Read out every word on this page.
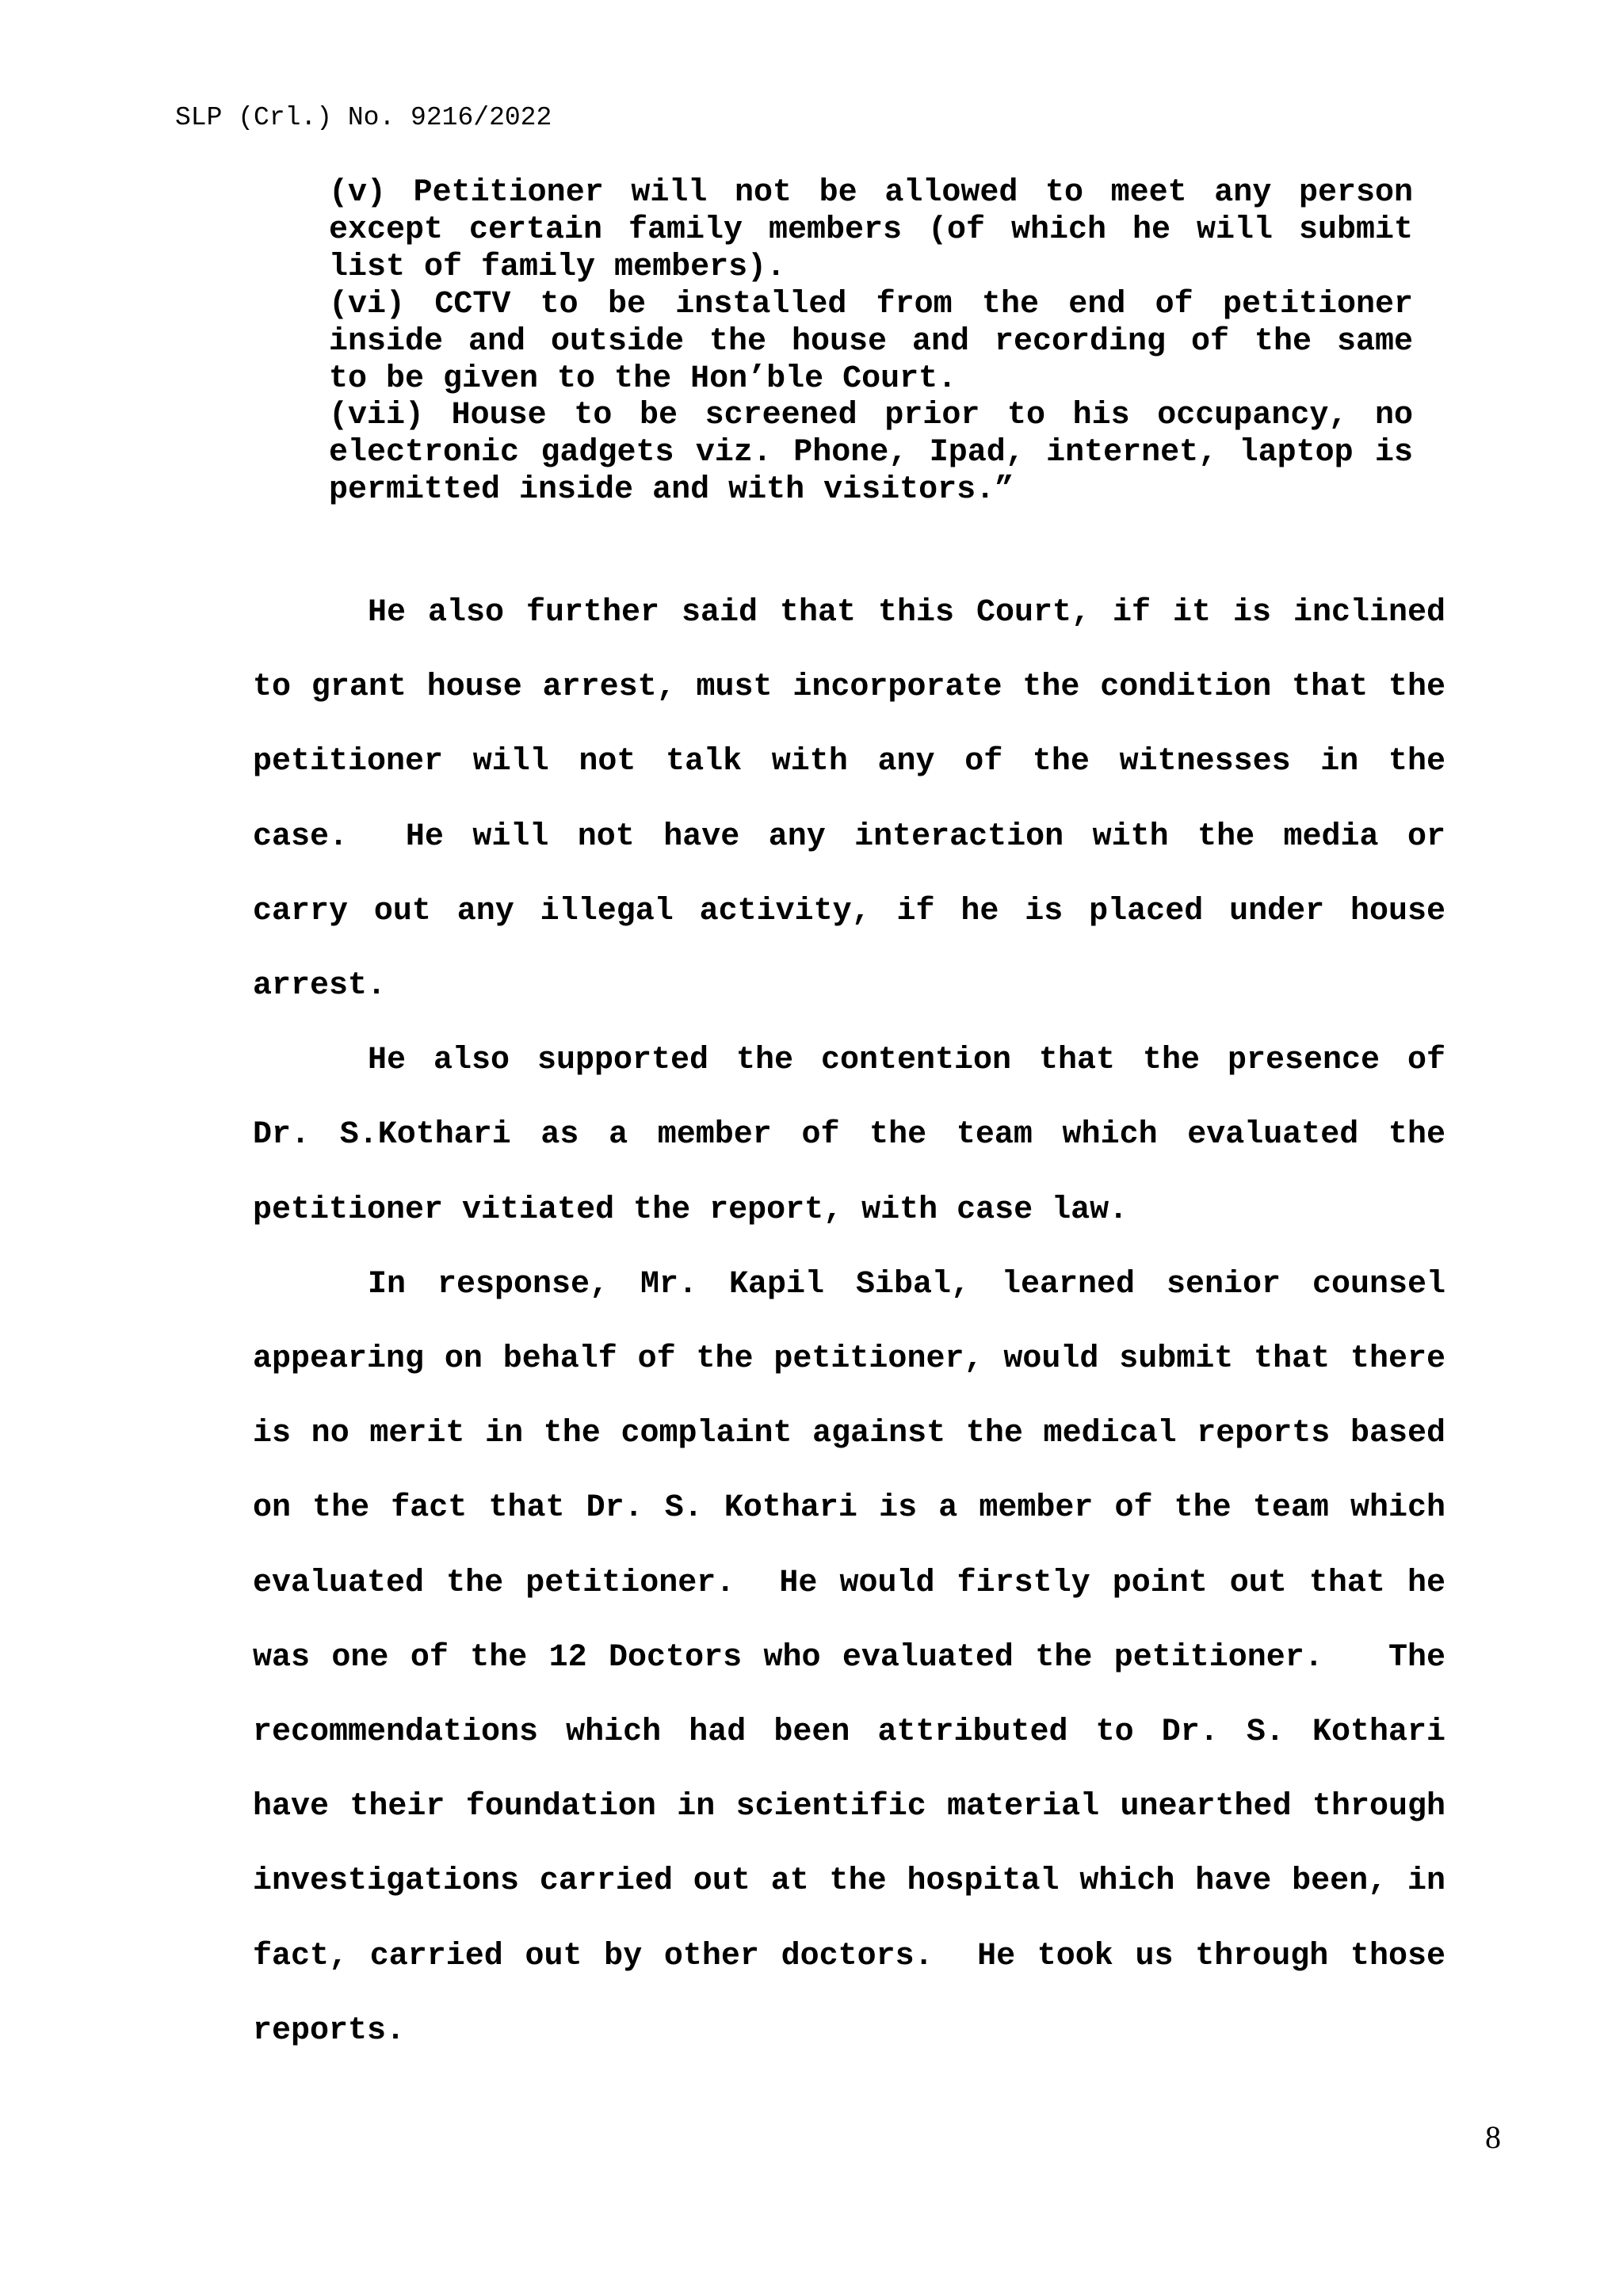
SLP (Crl.) No. 9216/2022

(v) Petitioner will not be allowed to meet any person except certain family members (of which he will submit list of family members).

(vi) CCTV to be installed from the end of petitioner inside and outside the house and recording of the same to be given to the Hon’ble Court.

(vii) House to be screened prior to his occupancy, no electronic gadgets viz. Phone, Ipad, internet, laptop is permitted inside and with visitors.”

He also further said that this Court, if it is inclined to grant house arrest, must incorporate the condition that the petitioner will not talk with any of the witnesses in the case.  He will not have any interaction with the media or carry out any illegal activity, if he is placed under house arrest.

He also supported the contention that the presence of Dr. S.Kothari as a member of the team which evaluated the petitioner vitiated the report, with case law.

In response, Mr. Kapil Sibal, learned senior counsel appearing on behalf of the petitioner, would submit that there is no merit in the complaint against the medical reports based on the fact that Dr. S. Kothari is a member of the team which evaluated the petitioner.  He would firstly point out that he was one of the 12 Doctors who evaluated the petitioner.   The recommendations which had been attributed to Dr. S. Kothari have their foundation in scientific material unearthed through investigations carried out at the hospital which have been, in fact, carried out by other doctors.  He took us through those reports.

8
